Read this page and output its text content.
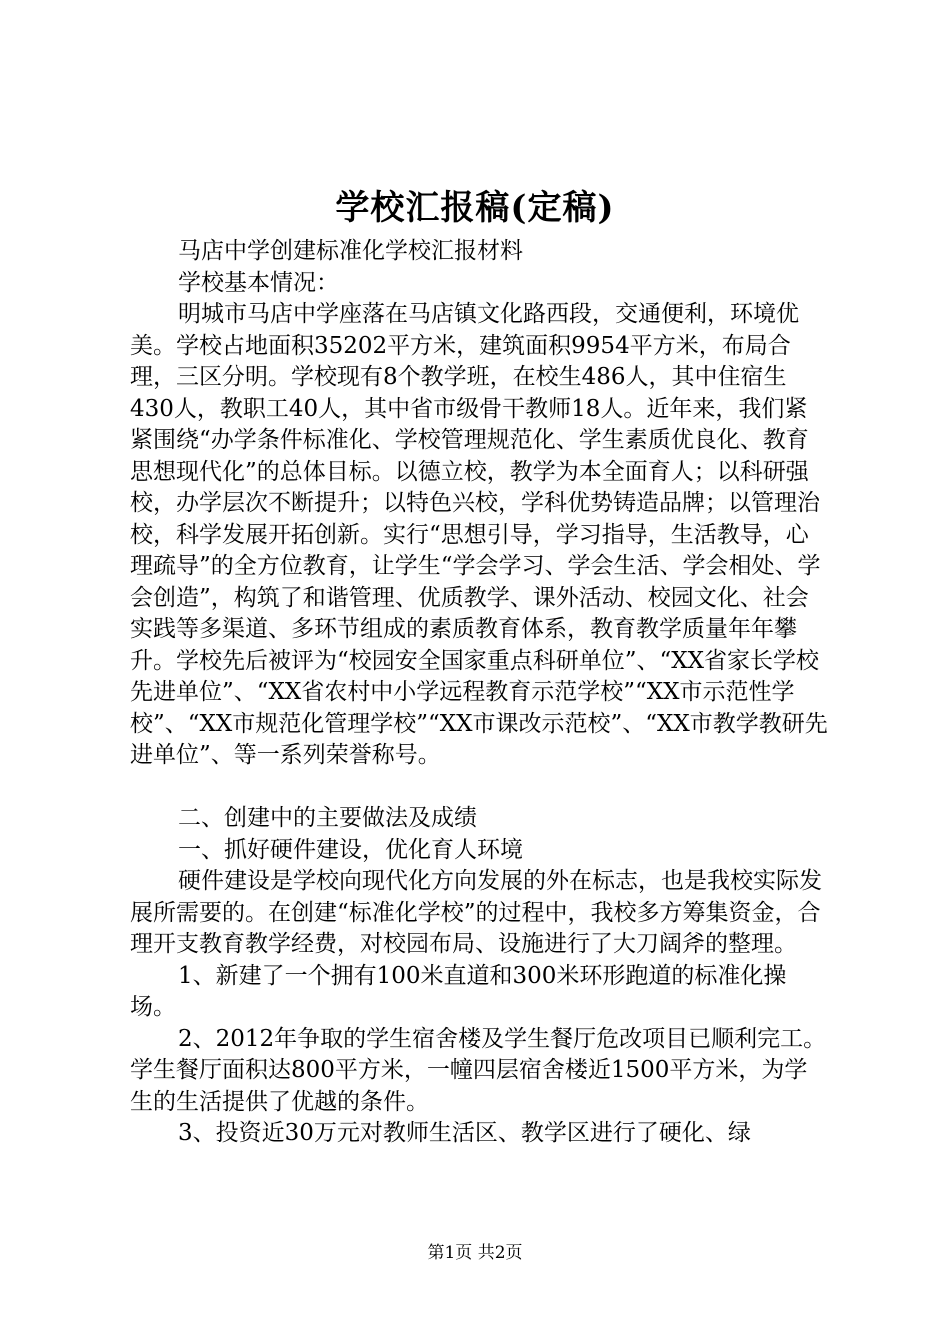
学校汇报稿(定稿)

马店中学创建标准化学校汇报材料

学校基本情况：

明城市马店中学座落在马店镇文化路西段，交通便利，环境优美。学校占地面积35202平方米，建筑面积9954平方米，布局合理，三区分明。学校现有8个教学班，在校生486人，其中住宿生430人，教职工40人，其中省市级骨干教师18人。近年来，我们紧紧围绕“办学条件标准化、学校管理规范化、学生素质优良化、教育思想现代化”的总体目标。以德立校，教学为本全面育人；以科研强校，办学层次不断提升；以特色兴校，学科优势铸造品牌；以管理治校，科学发展开拓创新。实行“思想引导，学习指导，生活教导，心理疏导”的全方位教育，让学生“学会学习、学会生活、学会相处、学会创造”，构筑了和谐管理、优质教学、课外活动、校园文化、社会实践等多渠道、多环节组成的素质教育体系，教育教学质量年年攀升。学校先后被评为“校园安全国家重点科研单位”、“XX省家长学校先进单位”、“XX省农村中小学远程教育示范学校”“XX市示范性学校”、“XX市规范化管理学校”“XX市课改示范校”、“XX市教学教研先进单位”、等一系列荣誉称号。

二、创建中的主要做法及成绩

一、抓好硬件建设，优化育人环境

硬件建设是学校向现代化方向发展的外在标志，也是我校实际发展所需要的。在创建“标准化学校”的过程中，我校多方筹集资金，合理开支教育教学经费，对校园布局、设施进行了大刀阔斧的整理。

1、新建了一个拥有100米直道和300米环形跑道的标准化操场。

2、2012年争取的学生宿舍楼及学生餐厅危改项目已顺利完工。学生餐厅面积达800平方米，一幢四层宿舍楼近1500平方米，为学生的生活提供了优越的条件。

3、投资近30万元对教师生活区、教学区进行了硬化、绿

第1页 共2页
